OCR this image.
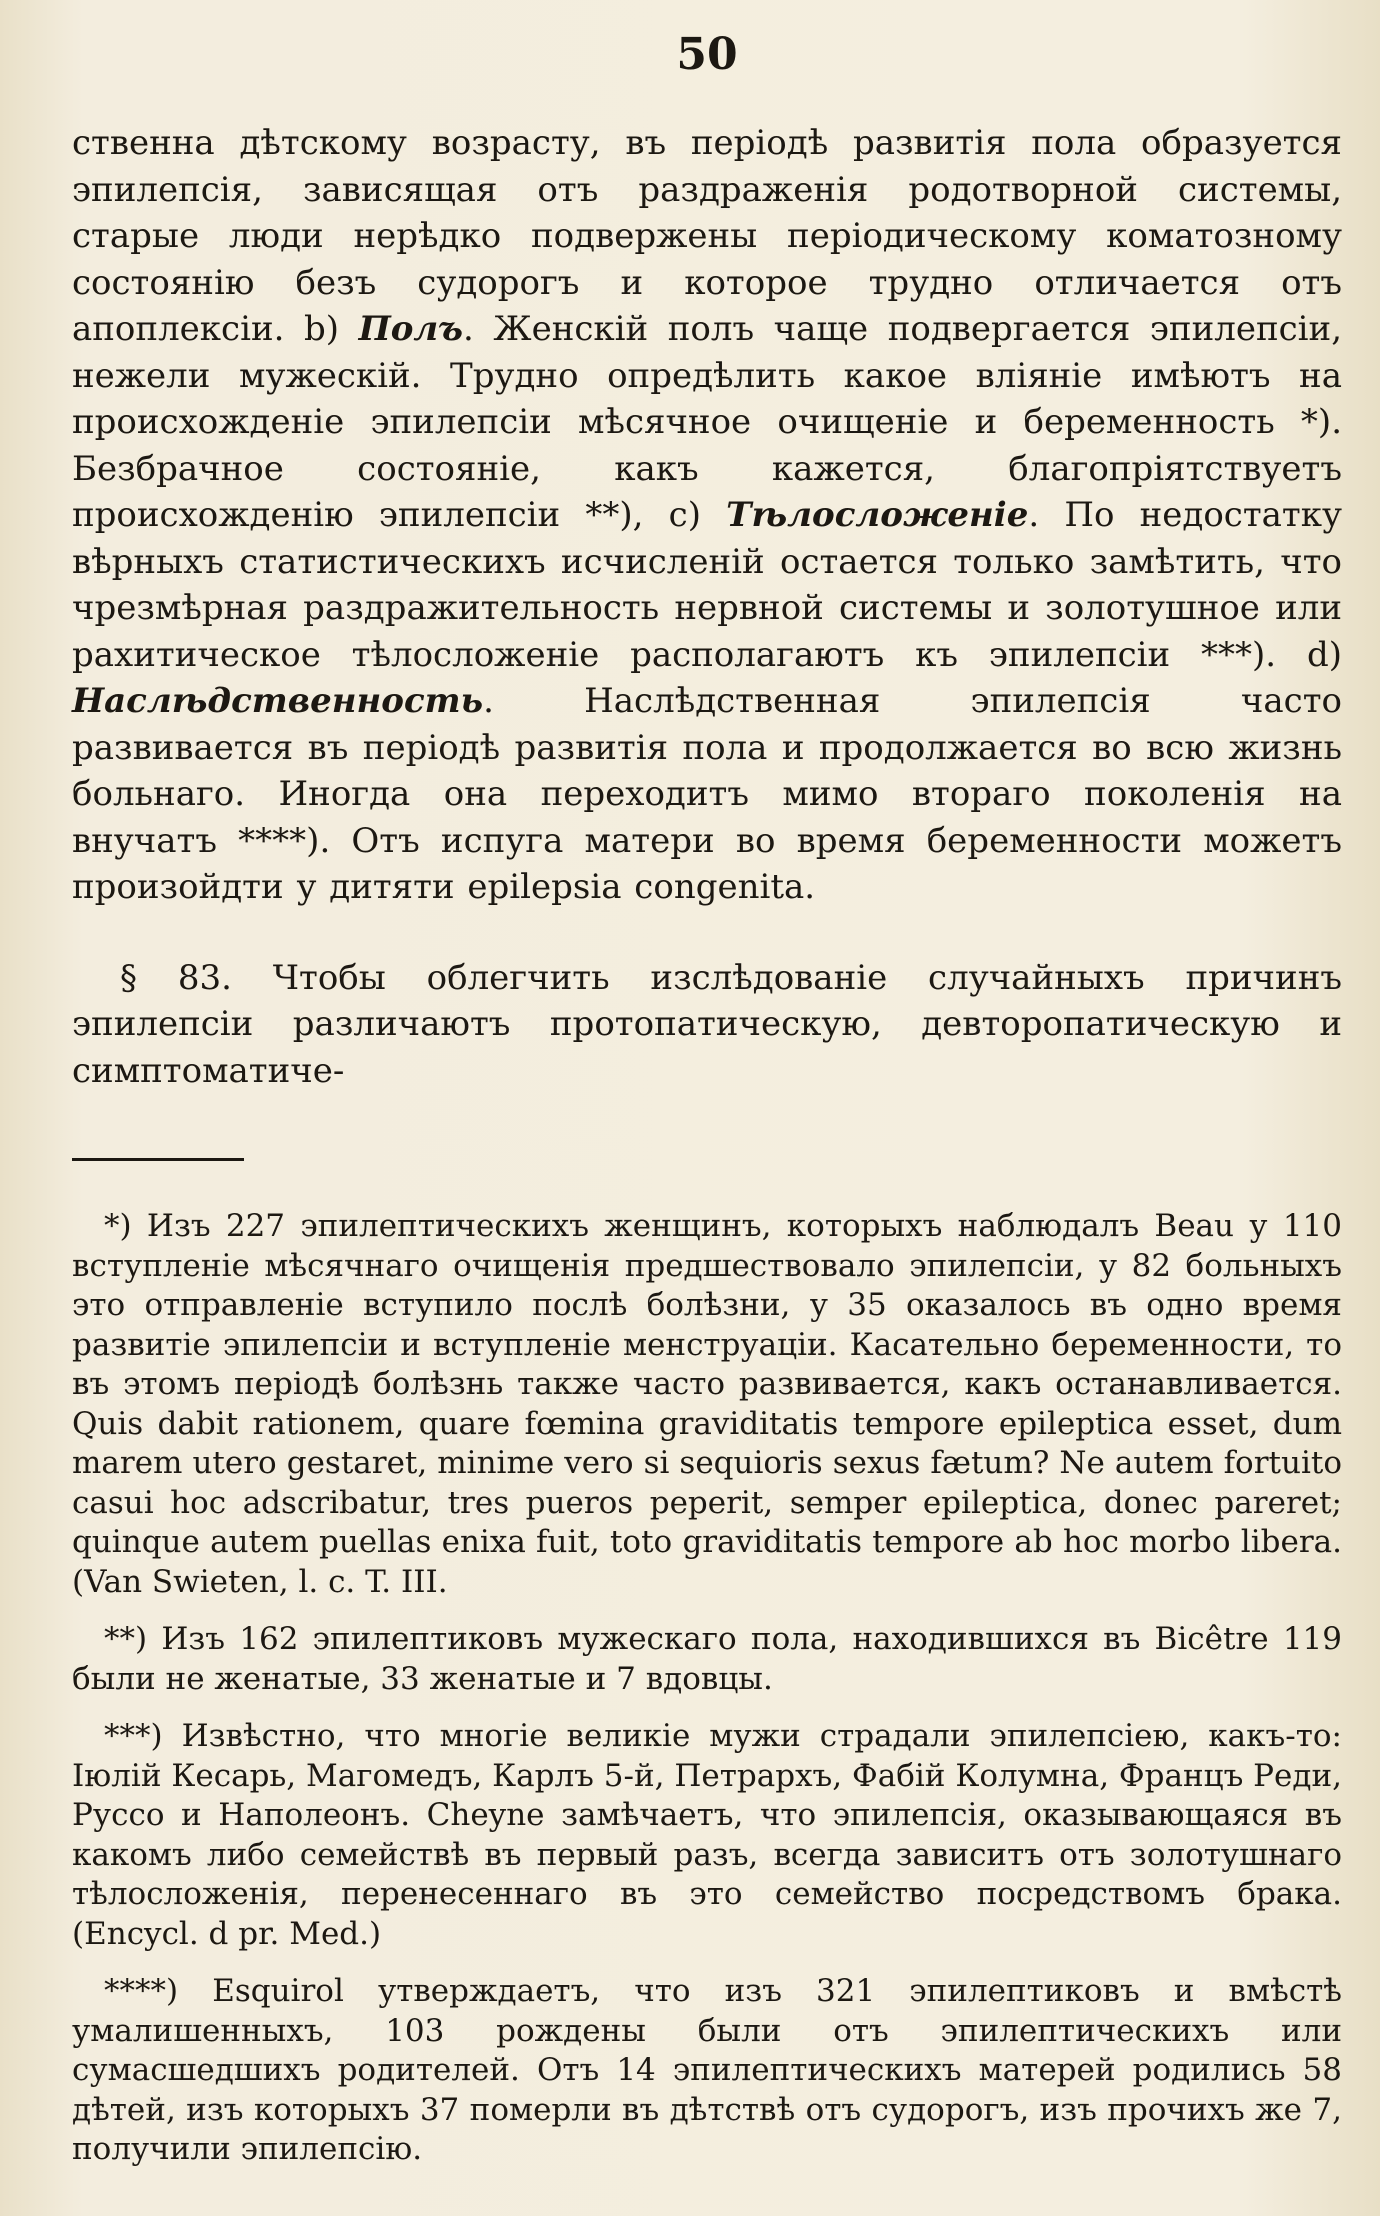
50

ственна дѣтскому возрасту, въ періодѣ развитія пола образуется эпилепсія, зависящая отъ раздраженія родотворной системы, старые люди нерѣдко подвержены періодическому коматозному состоянію безъ судорогъ и которое трудно отличается отъ апоплексіи. b) Полъ. Женскій полъ чаще подвергается эпилепсіи, нежели мужескій. Трудно опредѣлить какое вліяніе имѣютъ на происхожденіе эпилепсіи мѣсячное очищеніе и беременность *). Безбрачное состояніе, какъ кажется, благопріятствуетъ происхожденію эпилепсіи **), c) Тѣлосложеніе. По недостатку вѣрныхъ статистическихъ исчисленій остается только замѣтить, что чрезмѣрная раздражительность нервной системы и золотушное или рахитическое тѣлосложеніе располагаютъ къ эпилепсіи ***). d) Наслѣдственность. Наслѣдственная эпилепсія часто развивается въ періодѣ развитія пола и продолжается во всю жизнь больнаго. Иногда она переходитъ мимо втораго поколенія на внучатъ ****). Отъ испуга матери во время беременности можетъ произойдти у дитяти epilepsia congenita.

§ 83. Чтобы облегчить изслѣдованіе случайныхъ причинъ эпилепсіи различаютъ протопатическую, девторопатическую и симптоматиче-

*) Изъ 227 эпилептическихъ женщинъ, которыхъ наблюдалъ Beau у 110 вступленіе мѣсячнаго очищенія предшествовало эпилепсіи, у 82 больныхъ это отправленіе вступило послѣ болѣзни, у 35 оказалось въ одно время развитіе эпилепсіи и вступленіе менструаціи. Касательно беременности, то въ этомъ періодѣ болѣзнь также часто развивается, какъ останавливается. Quis dabit rationem, quare fœmina graviditatis tempore epileptica esset, dum marem utero gestaret, minime vero si sequioris sexus fætum? Ne autem fortuito casui hoc adscribatur, tres pueros peperit, semper epileptica, donec pareret; quinque autem puellas enixa fuit, toto graviditatis tempore ab hoc morbo libera. (Van Swieten, l. c. T. III.

**) Изъ 162 эпилептиковъ мужескаго пола, находившихся въ Bicêtre 119 были не женатые, 33 женатые и 7 вдовцы.

***) Извѣстно, что многіе великіе мужи страдали эпилепсіею, какъ-то: Іюлій Кесарь, Магомедъ, Карлъ 5-й, Петрархъ, Фабій Колумна, Францъ Реди, Руссо и Наполеонъ. Cheyne замѣчаетъ, что эпилепсія, оказывающаяся въ какомъ либо семействѣ въ первый разъ, всегда зависитъ отъ золотушнаго тѣлосложенія, перенесеннаго въ это семейство посредствомъ брака. (Encycl. d pr. Med.)

****) Esquirol утверждаетъ, что изъ 321 эпилептиковъ и вмѣстѣ умалишенныхъ, 103 рождены были отъ эпилептическихъ или сумасшедшихъ родителей. Отъ 14 эпилептическихъ матерей родились 58 дѣтей, изъ которыхъ 37 померли въ дѣтствѣ отъ судорогъ, изъ прочихъ же 7, получили эпилепсію.
